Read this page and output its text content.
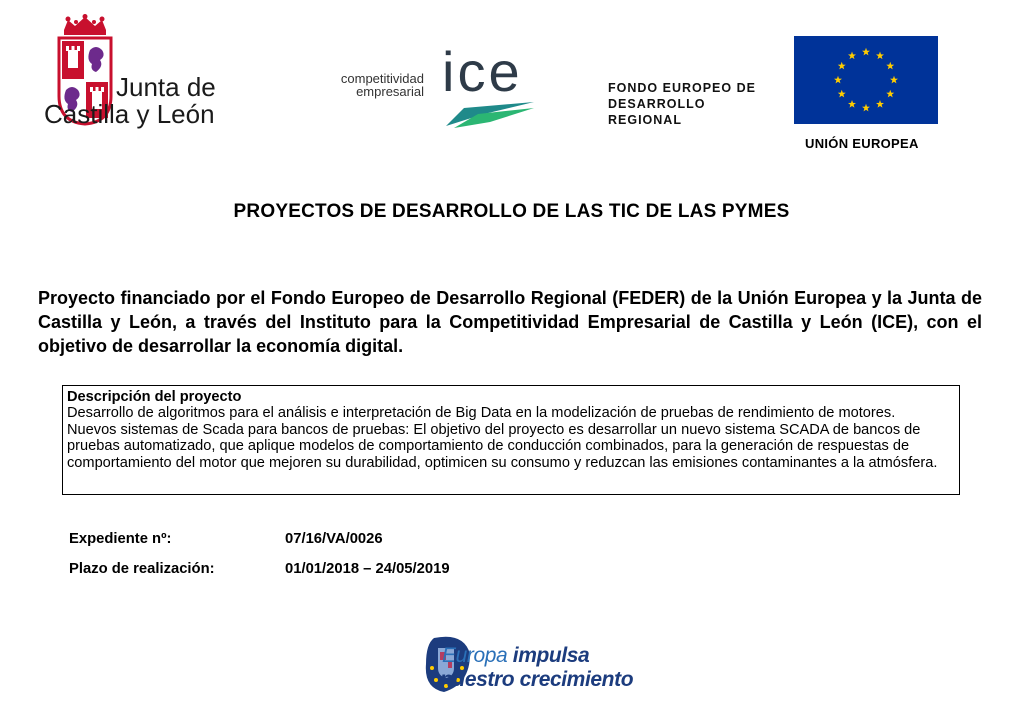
Junta de
Castilla y León
competitividad
empresarial ice	FONDO EUROPEO DE
DESARROLLO
REGIONAL
UNIÓN EUROPEA
PROYECTOS DE DESARROLLO DE LAS TIC DE LAS PYMES
Proyecto financiado por el Fondo Europeo de Desarrollo Regional (FEDER) de la Unión Europea y la Junta de Castilla y León, a través del Instituto para la Competitividad Empresarial de Castilla y León (ICE), con el objetivo de desarrollar la economía digital.
Descripción del proyecto
Desarrollo de algoritmos para el análisis e interpretación de Big Data en la modelización de pruebas de rendimiento de motores.
Nuevos sistemas de Scada para bancos de pruebas: El objetivo del proyecto es desarrollar un nuevo sistema SCADA de bancos de pruebas automatizado, que aplique modelos de comportamiento de conducción combinados, para la generación de respuestas de comportamiento del motor que mejoren su durabilidad, optimicen su consumo y reduzcan las emisiones contaminantes a la atmósfera.
Expediente nº:	07/16/VA/0026
Plazo de realización:	01/01/2018 – 24/05/2019
Europa impulsa
nuestro crecimiento
